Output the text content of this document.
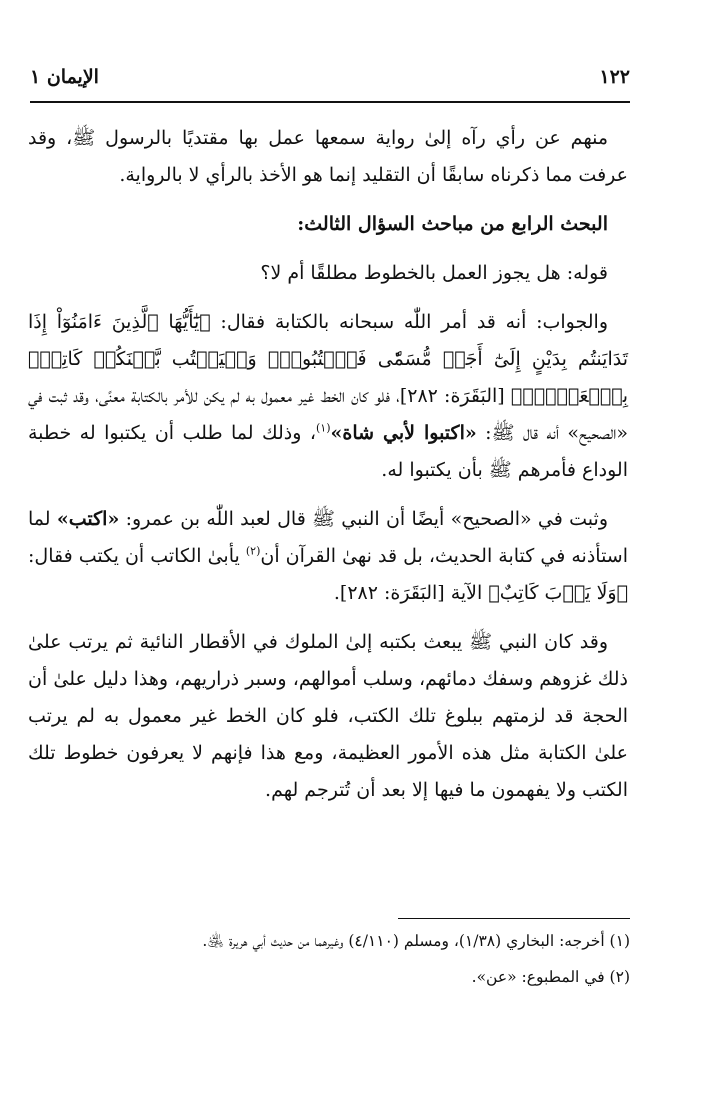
١٢٢
الإيمان ١

منهم عن رأي رآه إلىٰ رواية سمعها عمل بها مقتديًا بالرسول ﷺ، وقد عرفت مما ذكرناه سابقًا أن التقليد إنما هو الأخذ بالرأي لا بالرواية.

البحث الرابع من مباحث السؤال الثالث:

قوله: هل يجوز العمل بالخطوط مطلقًا أم لا؟

والجواب: أنه قد أمر اللّٰه سبحانه بالكتابة فقال: ﴿يَٰٓأَيُّهَا ٱلَّذِينَ ءَامَنُوٓاْ إِذَا تَدَايَنتُم بِدَيْنٍ إِلَىٰٓ أَجَلٖ مُّسَمّٗى فَٱكۡتُبُوهُۚ وَلۡيَكۡتُب بَّيۡنَكُمۡ كَاتِبُۢ بِٱلۡعَدۡلِۚ﴾ [البَقَرَة: ٢٨٢]، فلو كان الخط غير معمول به لم يكن للأمر بالكتابة معنًى، وقد ثبت في «الصحيح» أنه قال ﷺ: «اكتبوا لأبي شاة»$^{(١)}$، وذلك لما طلب أن يكتبوا له خطبة الوداع فأمرهم ﷺ بأن يكتبوا له.

وثبت في «الصحيح» أيضًا أن النبي ﷺ قال لعبد اللّٰه بن عمرو: «اكتب» لما استأذنه في كتابة الحديث، بل قد نهىٰ القرآن أن$^{(٢)}$ يأبىٰ الكاتب أن يكتب فقال: ﴿وَلَا يَأۡبَ كَاتِبٌ﴾ الآية [البَقَرَة: ٢٨٢].

وقد كان النبي ﷺ يبعث بكتبه إلىٰ الملوك في الأقطار النائية ثم يرتب علىٰ ذلك غزوهم وسفك دمائهم، وسلب أموالهم، وسبر ذراريهم، وهذا دليل علىٰ أن الحجة قد لزمتهم ببلوغ تلك الكتب، فلو كان الخط غير معمول به لم يرتب علىٰ الكتابة مثل هذه الأمور العظيمة، ومع هذا فإنهم لا يعرفون خطوط تلك الكتب ولا يفهمون ما فيها إلا بعد أن تُترجم لهم.

(١) أخرجه: البخاري (١/٣٨)، ومسلم (٤/١١٠) وغيرهما من حديث أبي هريرة ﵁.

(٢) في المطبوع: «عن».
